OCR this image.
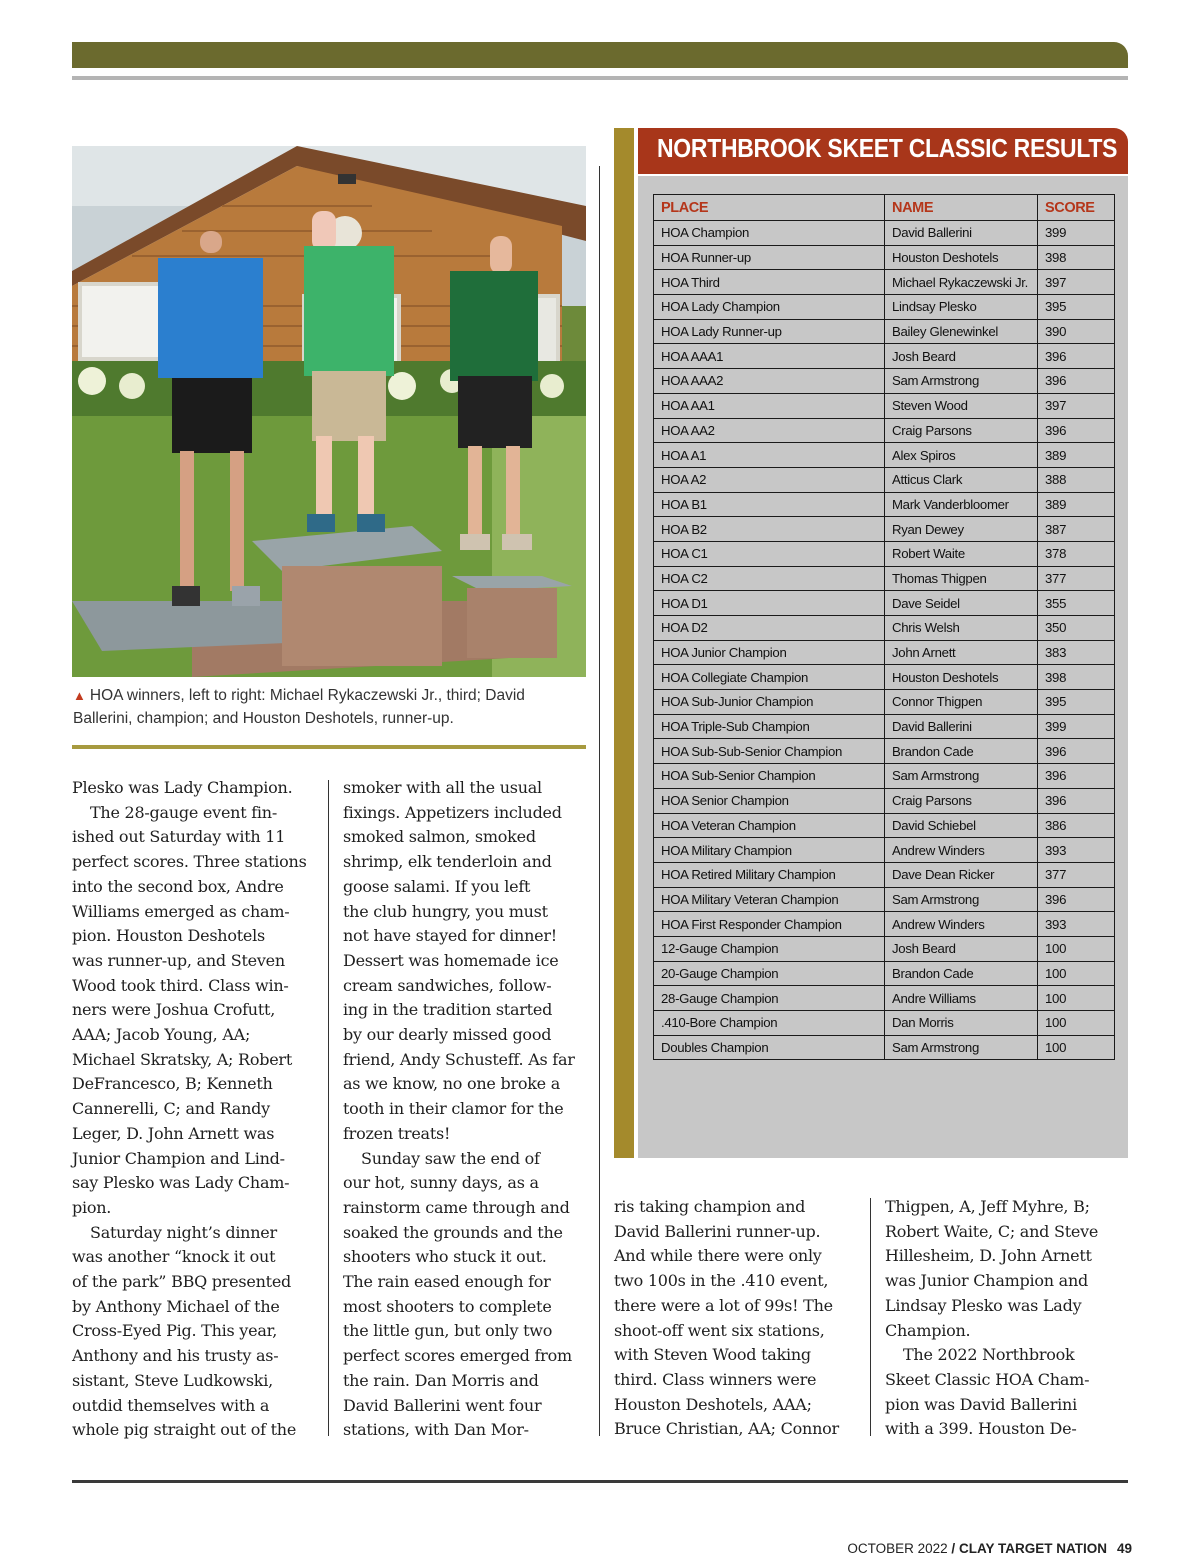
▲ HOA winners, left to right: Michael Rykaczewski Jr., third; David Ballerini, champion; and Houston Deshotels, runner-up.

Plesko was Lady Champion.

The 28-gauge event fin-

ished out Saturday with 11

perfect scores. Three stations

into the second box, Andre

Williams emerged as cham-

pion. Houston Deshotels

was runner-up, and Steven

Wood took third. Class win-

ners were Joshua Crofutt,

AAA; Jacob Young, AA;

Michael Skratsky, A; Robert

DeFrancesco, B; Kenneth

Cannerelli, C; and Randy

Leger, D. John Arnett was

Junior Champion and Lind-

say Plesko was Lady Cham-

pion.

Saturday night’s dinner

was another “knock it out

of the park” BBQ presented

by Anthony Michael of the

Cross-Eyed Pig. This year,

Anthony and his trusty as-

sistant, Steve Ludkowski,

outdid themselves with a

whole pig straight out of the

smoker with all the usual

fixings. Appetizers included

smoked salmon, smoked

shrimp, elk tenderloin and

goose salami. If you left

the club hungry, you must

not have stayed for dinner!

Dessert was homemade ice

cream sandwiches, follow-

ing in the tradition started

by our dearly missed good

friend, Andy Schusteff. As far

as we know, no one broke a

tooth in their clamor for the

frozen treats!

Sunday saw the end of

our hot, sunny days, as a

rainstorm came through and

soaked the grounds and the

shooters who stuck it out.

The rain eased enough for

most shooters to complete

the little gun, but only two

perfect scores emerged from

the rain. Dan Morris and

David Ballerini went four

stations, with Dan Mor-

ris taking champion and

David Ballerini runner-up.

And while there were only

two 100s in the .410 event,

there were a lot of 99s! The

shoot-off went six stations,

with Steven Wood taking

third. Class winners were

Houston Deshotels, AAA;

Bruce Christian, AA; Connor

Thigpen, A, Jeff Myhre, B;

Robert Waite, C; and Steve

Hillesheim, D. John Arnett

was Junior Champion and

Lindsay Plesko was Lady

Champion.

The 2022 Northbrook

Skeet Classic HOA Cham-

pion was David Ballerini

with a 399. Houston De-

NORTHBROOK SKEET CLASSIC RESULTS
PLACE	NAME	SCORE
HOA Champion	David Ballerini	399
HOA Runner-up	Houston Deshotels	398
HOA Third	Michael Rykaczewski Jr.	397
HOA Lady Champion	Lindsay Plesko	395
HOA Lady Runner-up	Bailey Glenewinkel	390
HOA AAA1	Josh Beard	396
HOA AAA2	Sam Armstrong	396
HOA AA1	Steven Wood	397
HOA AA2	Craig Parsons	396
HOA A1	Alex Spiros	389
HOA A2	Atticus Clark	388
HOA B1	Mark Vanderbloomer	389
HOA B2	Ryan Dewey	387
HOA C1	Robert Waite	378
HOA C2	Thomas Thigpen	377
HOA D1	Dave Seidel	355
HOA D2	Chris Welsh	350
HOA Junior Champion	John Arnett	383
HOA Collegiate Champion	Houston Deshotels	398
HOA Sub-Junior Champion	Connor Thigpen	395
HOA Triple-Sub Champion	David Ballerini	399
HOA Sub-Sub-Senior Champion	Brandon Cade	396
HOA Sub-Senior Champion	Sam Armstrong	396
HOA Senior Champion	Craig Parsons	396
HOA Veteran Champion	David Schiebel	386
HOA Military Champion	Andrew Winders	393
HOA Retired Military Champion	Dave Dean Ricker	377
HOA Military Veteran Champion	Sam Armstrong	396
HOA First Responder Champion	Andrew Winders	393
12-Gauge Champion	Josh Beard	100
20-Gauge Champion	Brandon Cade	100
28-Gauge Champion	Andre Williams	100
.410-Bore Champion	Dan Morris	100
Doubles Champion	Sam Armstrong	100
OCTOBER 2022 / CLAY TARGET NATION 49
